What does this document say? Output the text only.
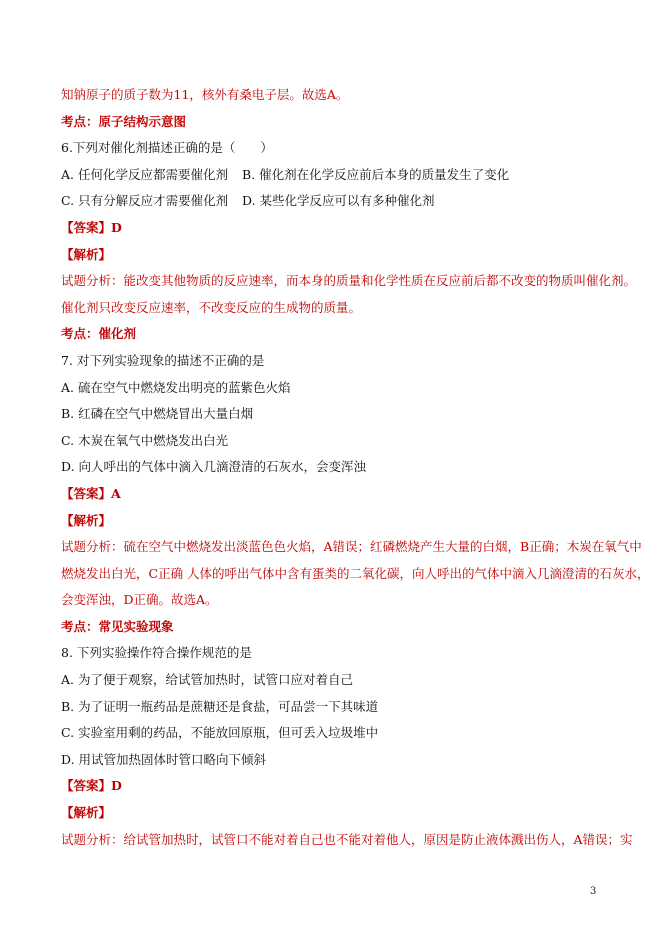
知钠原子的质子数为11，核外有桑电子层。故选A。
考点：原子结构示意图
6.下列对催化剂描述正确的是（　　）
A. 任何化学反应都需要催化剂	B. 催化剂在化学反应前后本身的质量发生了变化
C. 只有分解反应才需要催化剂	D. 某些化学反应可以有多种催化剂
【答案】D
【解析】
试题分析：能改变其他物质的反应速率，而本身的质量和化学性质在反应前后都不改变的物质叫催化剂。
催化剂只改变反应速率，不改变反应的生成物的质量。
考点：催化剂
7. 对下列实验现象的描述不正确的是
A. 硫在空气中燃烧发出明亮的蓝紫色火焰
B. 红磷在空气中燃烧冒出大量白烟
C. 木炭在氧气中燃烧发出白光
D. 向人呼出的气体中滴入几滴澄清的石灰水，会变浑浊
【答案】A
【解析】
试题分析：硫在空气中燃烧发出淡蓝色色火焰，A错误；红磷燃烧产生大量的白烟，B正确；木炭在氧气中
燃烧发出白光，C正确 人体的呼出气体中含有蛋类的二氧化碳，向人呼出的气体中滴入几滴澄清的石灰水，
会变浑浊，D正确。故选A。
考点：常见实验现象
8. 下列实验操作符合操作规范的是
A. 为了便于观察，给试管加热时，试管口应对着自己
B. 为了证明一瓶药品是蔗糖还是食盐，可品尝一下其味道
C. 实验室用剩的药品，不能放回原瓶，但可丢入垃圾堆中
D. 用试管加热固体时管口略向下倾斜
【答案】D
【解析】
试题分析：给试管加热时，试管口不能对着自己也不能对着他人，原因是防止液体溅出伤人，A错误；实
3
